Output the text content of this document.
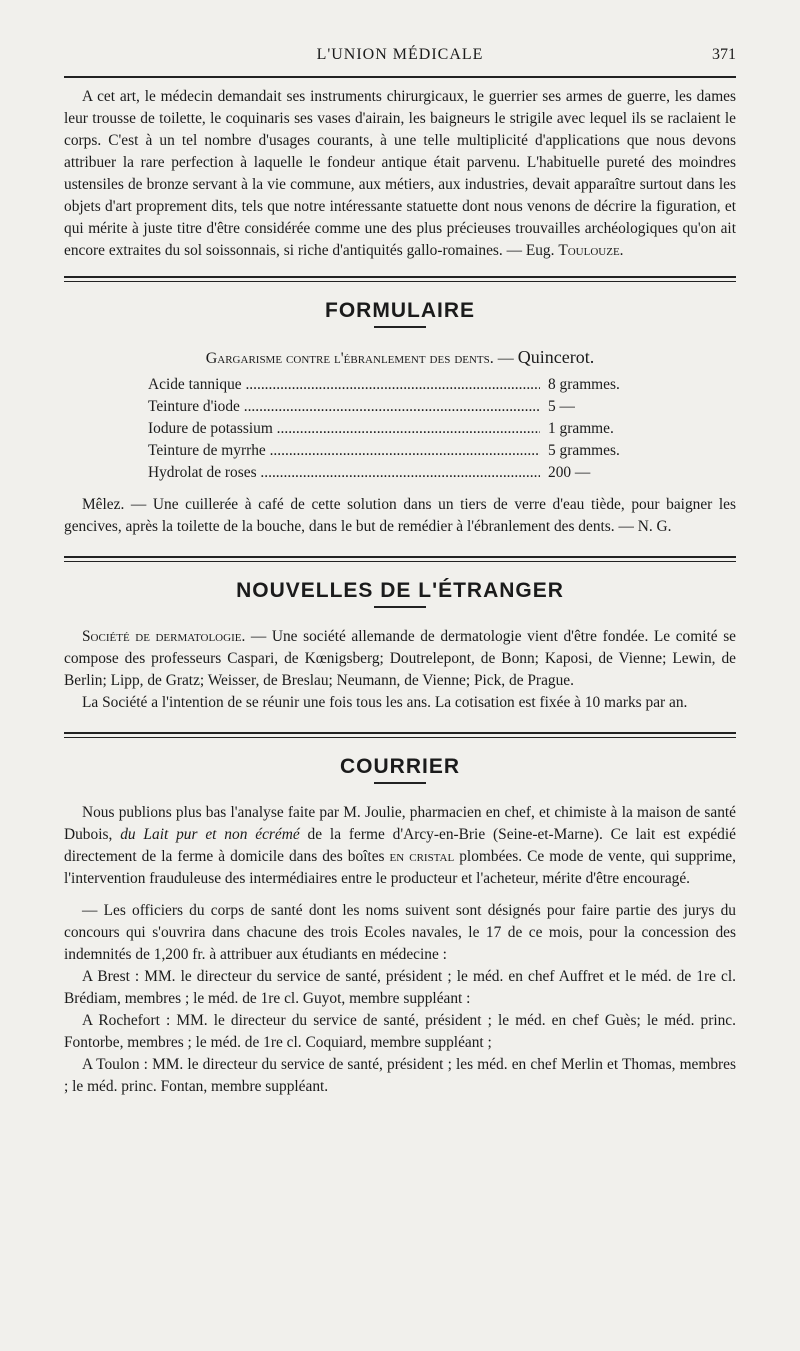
L'UNION MÉDICALE	371

A cet art, le médecin demandait ses instruments chirurgicaux, le guerrier ses armes de guerre, les dames leur trousse de toilette, le coquinaris ses vases d'airain, les baigneurs le strigile avec lequel ils se raclaient le corps. C'est à un tel nombre d'usages courants, à une telle multiplicité d'applications que nous devons attribuer la rare perfection à laquelle le fondeur antique était parvenu. L'habituelle pureté des moindres ustensiles de bronze servant à la vie commune, aux métiers, aux industries, devait apparaître surtout dans les objets d'art proprement dits, tels que notre intéressante statuette dont nous venons de décrire la figuration, et qui mérite à juste titre d'être considérée comme une des plus précieuses trouvailles archéologiques qu'on ait encore extraites du sol soissonnais, si riche d'antiquités gallo-romaines. — Eug. Toulouze.

FORMULAIRE
Gargarisme contre l'ébranlement des dents. — Quincerot.
Acide tannique .....	8 grammes.
Teinture d'iode .....	5 —
Iodure de potassium .....	1 gramme.
Teinture de myrrhe .....	5 grammes.
Hydrolat de roses .....	200 —

Mêlez. — Une cuillerée à café de cette solution dans un tiers de verre d'eau tiède, pour baigner les gencives, après la toilette de la bouche, dans le but de remédier à l'ébranlement des dents. — N. G.

NOUVELLES DE L'ÉTRANGER

Société de dermatologie. — Une société allemande de dermatologie vient d'être fondée. Le comité se compose des professeurs Caspari, de Kœnigsberg; Doutrelepont, de Bonn; Kaposi, de Vienne; Lewin, de Berlin; Lipp, de Gratz; Weisser, de Breslau; Neumann, de Vienne; Pick, de Prague.

La Société a l'intention de se réunir une fois tous les ans. La cotisation est fixée à 10 marks par an.

COURRIER

Nous publions plus bas l'analyse faite par M. Joulie, pharmacien en chef, et chimiste à la maison de santé Dubois, du Lait pur et non écrémé de la ferme d'Arcy-en-Brie (Seine-et-Marne). Ce lait est expédié directement de la ferme à domicile dans des boîtes en cristal plombées. Ce mode de vente, qui supprime, l'intervention frauduleuse des intermédiaires entre le producteur et l'acheteur, mérite d'être encouragé.

— Les officiers du corps de santé dont les noms suivent sont désignés pour faire partie des jurys du concours qui s'ouvrira dans chacune des trois Ecoles navales, le 17 de ce mois, pour la concession des indemnités de 1,200 fr. à attribuer aux étudiants en médecine :

A Brest : MM. le directeur du service de santé, président ; le méd. en chef Auffret et le méd. de 1re cl. Brédiam, membres ; le méd. de 1re cl. Guyot, membre suppléant :

A Rochefort : MM. le directeur du service de santé, président ; le méd. en chef Guès; le méd. princ. Fontorbe, membres ; le méd. de 1re cl. Coquiard, membre suppléant ;

A Toulon : MM. le directeur du service de santé, président ; les méd. en chef Merlin et Thomas, membres ; le méd. princ. Fontan, membre suppléant.
